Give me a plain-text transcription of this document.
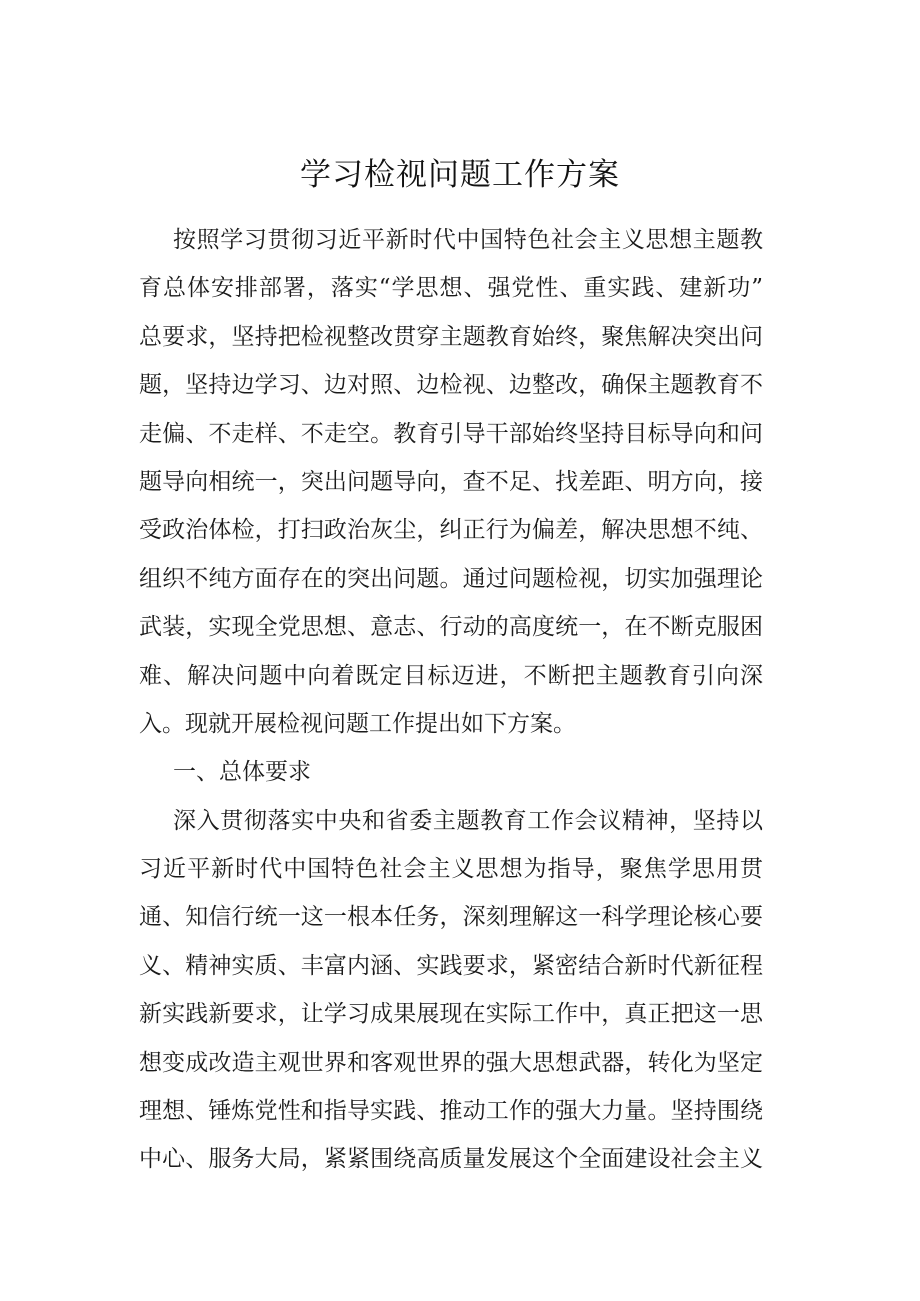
学习检视问题工作方案
按照学习贯彻习近平新时代中国特色社会主义思想主题教
育总体安排部署，落实“学思想、强党性、重实践、建新功”
总要求，坚持把检视整改贯穿主题教育始终，聚焦解决突出问
题，坚持边学习、边对照、边检视、边整改，确保主题教育不
走偏、不走样、不走空。教育引导干部始终坚持目标导向和问
题导向相统一，突出问题导向，查不足、找差距、明方向，接
受政治体检，打扫政治灰尘，纠正行为偏差，解决思想不纯、
组织不纯方面存在的突出问题。通过问题检视，切实加强理论
武装，实现全党思想、意志、行动的高度统一，在不断克服困
难、解决问题中向着既定目标迈进，不断把主题教育引向深
入。现就开展检视问题工作提出如下方案。
一、总体要求
深入贯彻落实中央和省委主题教育工作会议精神，坚持以
习近平新时代中国特色社会主义思想为指导，聚焦学思用贯
通、知信行统一这一根本任务，深刻理解这一科学理论核心要
义、精神实质、丰富内涵、实践要求，紧密结合新时代新征程
新实践新要求，让学习成果展现在实际工作中，真正把这一思
想变成改造主观世界和客观世界的强大思想武器，转化为坚定
理想、锤炼党性和指导实践、推动工作的强大力量。坚持围绕
中心、服务大局，紧紧围绕高质量发展这个全面建设社会主义
